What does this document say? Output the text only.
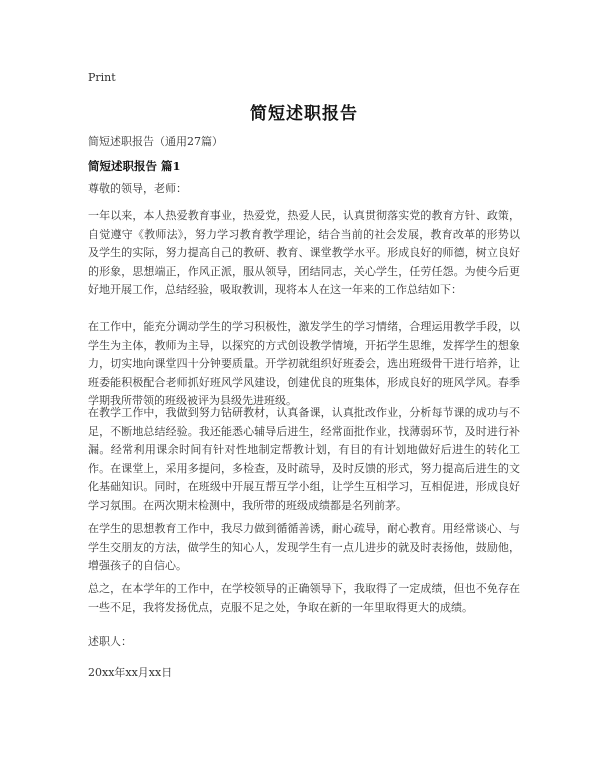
Print
简短述职报告
简短述职报告（通用27篇）
简短述职报告 篇1
尊敬的领导，老师：
一年以来，本人热爱教育事业，热爱党，热爱人民，认真贯彻落实党的教育方针、政策，自觉遵守《教师法》，努力学习教育教学理论，结合当前的社会发展，教育改革的形势以及学生的实际，努力提高自己的教研、教育、课堂教学水平。形成良好的师德，树立良好的形象，思想端正，作风正派，服从领导，团结同志，关心学生，任劳任怨。为使今后更好地开展工作，总结经验，吸取教训，现将本人在这一年来的工作总结如下：
在工作中，能充分调动学生的学习积极性，激发学生的学习情绪，合理运用教学手段，以学生为主体，教师为主导，以探究的方式创设教学情境，开拓学生思维，发挥学生的想象力，切实地向课堂四十分钟要质量。开学初就组织好班委会，选出班级骨干进行培养，让班委能积极配合老师抓好班风学风建设，创建优良的班集体，形成良好的班风学风。春季学期我所带领的班级被评为县级先进班级。
在教学工作中，我做到努力钻研教材，认真备课，认真批改作业，分析每节课的成功与不足，不断地总结经验。我还能悉心辅导后进生，经常面批作业，找薄弱环节，及时进行补漏。经常利用课余时间有针对性地制定帮教计划，有目的有计划地做好后进生的转化工作。在课堂上，采用多提问，多检查，及时疏导，及时反馈的形式，努力提高后进生的文化基础知识。同时，在班级中开展互帮互学小组，让学生互相学习，互相促进，形成良好学习氛围。在两次期末检测中，我所带的班级成绩都是名列前茅。
在学生的思想教育工作中，我尽力做到循循善诱，耐心疏导，耐心教育。用经常谈心、与学生交朋友的方法，做学生的知心人，发现学生有一点儿进步的就及时表扬他，鼓励他，增强孩子的自信心。
总之，在本学年的工作中，在学校领导的正确领导下，我取得了一定成绩，但也不免存在一些不足，我将发扬优点，克服不足之处，争取在新的一年里取得更大的成绩。
述职人：
20xx年xx月xx日
